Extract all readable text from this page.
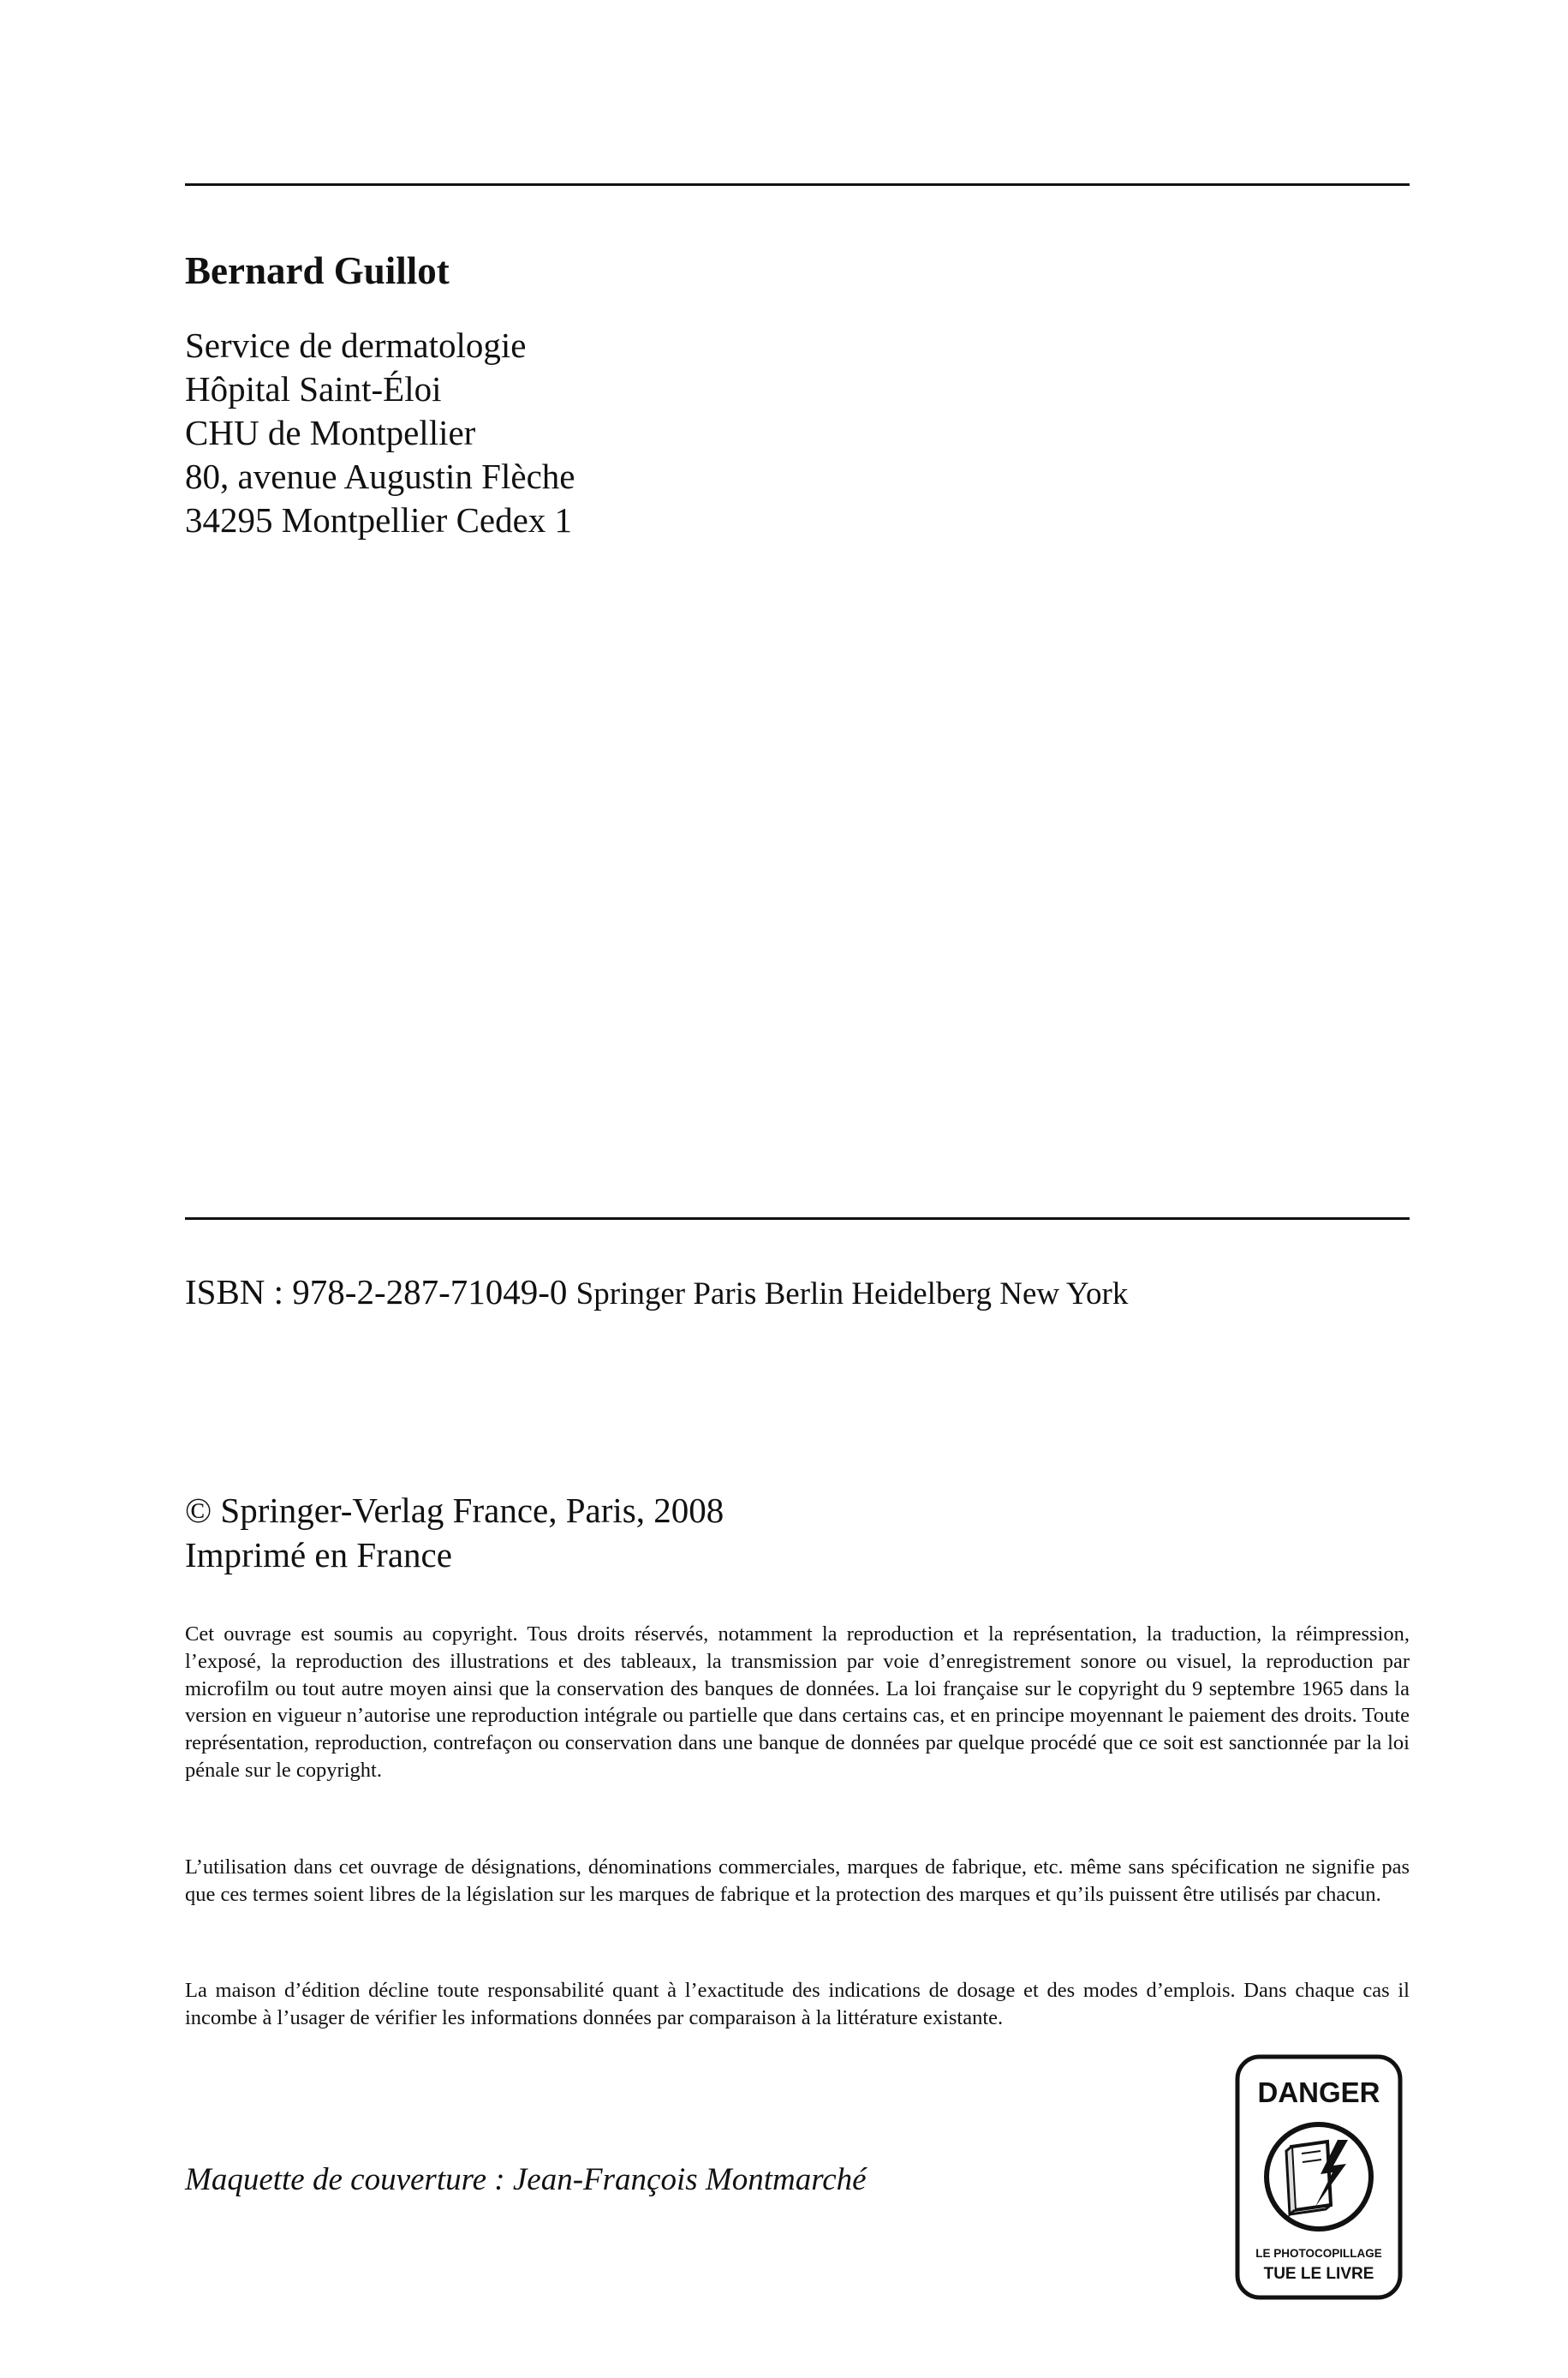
Bernard Guillot
Service de dermatologie
Hôpital Saint-Éloi
CHU de Montpellier
80, avenue Augustin Flèche
34295 Montpellier Cedex 1
ISBN : 978-2-287-71049-0 Springer Paris Berlin Heidelberg New York
© Springer-Verlag France, Paris, 2008
Imprimé en France

Cet ouvrage est soumis au copyright. Tous droits réservés, notamment la reproduction et la représentation, la traduction, la réimpression, l’exposé, la reproduction des illustrations et des tableaux, la transmission par voie d’enregistrement sonore ou visuel, la reproduction par microfilm ou tout autre moyen ainsi que la conservation des banques de données. La loi française sur le copyright du 9 septembre 1965 dans la version en vigueur n’autorise une reproduction intégrale ou partielle que dans certains cas, et en principe moyennant le paiement des droits. Toute représentation, reproduction, contrefaçon ou conservation dans une banque de données par quelque procédé que ce soit est sanctionnée par la loi pénale sur le copyright.

L’utilisation dans cet ouvrage de désignations, dénominations commerciales, marques de fabrique, etc. même sans spécification ne signifie pas que ces termes soient libres de la législation sur les marques de fabrique et la protection des marques et qu’ils puissent être utilisés par chacun.

La maison d’édition décline toute responsabilité quant à l’exactitude des indications de dosage et des modes d’emplois. Dans chaque cas il incombe à l’usager de vérifier les informations données par comparaison à la littérature existante.

Maquette de couverture : Jean-François Montmarché
DANGER
LE PHOTOCOPILLAGE
TUE LE LIVRE
